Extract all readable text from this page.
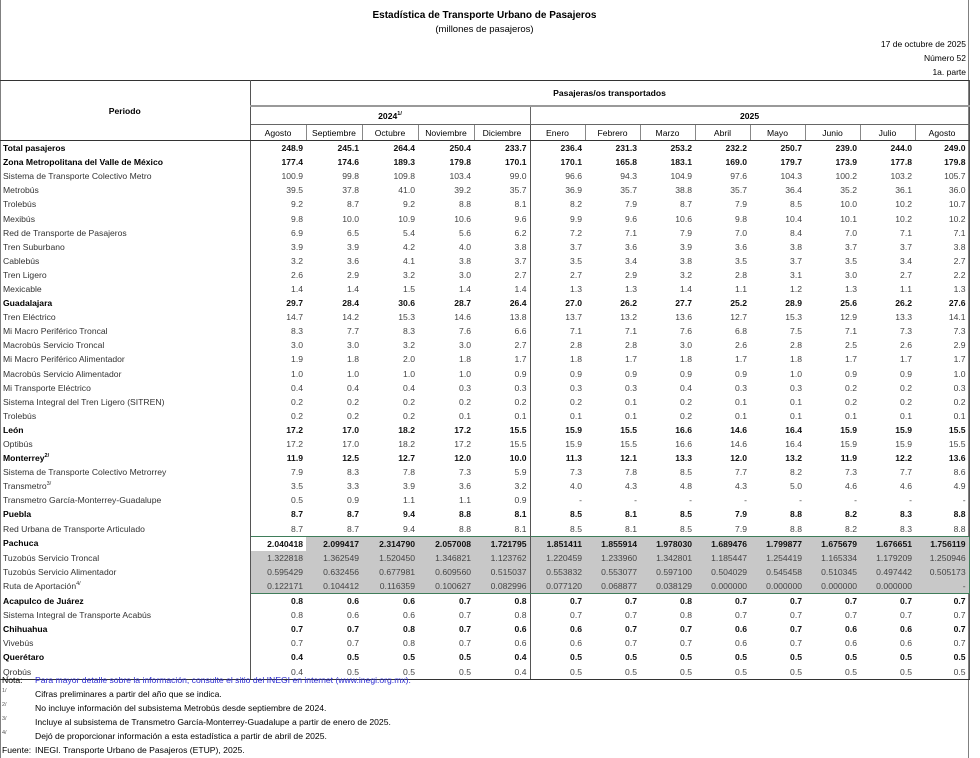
Estadística de Transporte Urbano de Pasajeros
(millones de pasajeros)
17 de octubre de 2025
Número 52
1a. parte
Periodo	Pasajeras/os transportados												
	$2024^{1/}$					2025							
	Agosto	Septiembre	Octubre	Noviembre	Diciembre	Enero	Febrero	Marzo	Abril	Mayo	Junio	Julio	Agosto
Total pasajeros	248.9	245.1	264.4	250.4	233.7	236.4	231.3	253.2	232.2	250.7	239.0	244.0	249.0
Zona Metropolitana del Valle de México	177.4	174.6	189.3	179.8	170.1	170.1	165.8	183.1	169.0	179.7	173.9	177.8	179.8
Sistema de Transporte Colectivo Metro	100.9	99.8	109.8	103.4	99.0	96.6	94.3	104.9	97.6	104.3	100.2	103.2	105.7
Metrobús	39.5	37.8	41.0	39.2	35.7	36.9	35.7	38.8	35.7	36.4	35.2	36.1	36.0
Trolebús	9.2	8.7	9.2	8.8	8.1	8.2	7.9	8.7	7.9	8.5	10.0	10.2	10.7
Mexibús	9.8	10.0	10.9	10.6	9.6	9.9	9.6	10.6	9.8	10.4	10.1	10.2	10.2
Red de Transporte de Pasajeros	6.9	6.5	5.4	5.6	6.2	7.2	7.1	7.9	7.0	8.4	7.0	7.1	7.1
Tren Suburbano	3.9	3.9	4.2	4.0	3.8	3.7	3.6	3.9	3.6	3.8	3.7	3.7	3.8
Cablebús	3.2	3.6	4.1	3.8	3.7	3.5	3.4	3.8	3.5	3.7	3.5	3.4	2.7
Tren Ligero	2.6	2.9	3.2	3.0	2.7	2.7	2.9	3.2	2.8	3.1	3.0	2.7	2.2
Mexicable	1.4	1.4	1.5	1.4	1.4	1.3	1.3	1.4	1.1	1.2	1.3	1.1	1.3
Guadalajara	29.7	28.4	30.6	28.7	26.4	27.0	26.2	27.7	25.2	28.9	25.6	26.2	27.6
Tren Eléctrico	14.7	14.2	15.3	14.6	13.8	13.7	13.2	13.6	12.7	15.3	12.9	13.3	14.1
Mi Macro Periférico Troncal	8.3	7.7	8.3	7.6	6.6	7.1	7.1	7.6	6.8	7.5	7.1	7.3	7.3
Macrobús Servicio Troncal	3.0	3.0	3.2	3.0	2.7	2.8	2.8	3.0	2.6	2.8	2.5	2.6	2.9
Mi Macro Periférico Alimentador	1.9	1.8	2.0	1.8	1.7	1.8	1.7	1.8	1.7	1.8	1.7	1.7	1.7
Macrobús Servicio Alimentador	1.0	1.0	1.0	1.0	0.9	0.9	0.9	0.9	0.9	1.0	0.9	0.9	1.0
Mi Transporte Eléctrico	0.4	0.4	0.4	0.3	0.3	0.3	0.3	0.4	0.3	0.3	0.2	0.2	0.3
Sistema Integral del Tren Ligero (SITREN)	0.2	0.2	0.2	0.2	0.2	0.2	0.1	0.2	0.1	0.1	0.2	0.2	0.2
Trolebús	0.2	0.2	0.2	0.1	0.1	0.1	0.1	0.2	0.1	0.1	0.1	0.1	0.1
León	17.2	17.0	18.2	17.2	15.5	15.9	15.5	16.6	14.6	16.4	15.9	15.9	15.5
Optibús	17.2	17.0	18.2	17.2	15.5	15.9	15.5	16.6	14.6	16.4	15.9	15.9	15.5
Monterrey$^{2/}$	11.9	12.5	12.7	12.0	10.0	11.3	12.1	13.3	12.0	13.2	11.9	12.2	13.6
Sistema de Transporte Colectivo Metrorrey	7.9	8.3	7.8	7.3	5.9	7.3	7.8	8.5	7.7	8.2	7.3	7.7	8.6
Transmetro$^{3/}$	3.5	3.3	3.9	3.6	3.2	4.0	4.3	4.8	4.3	5.0	4.6	4.6	4.9
Transmetro García-Monterrey-Guadalupe	0.5	0.9	1.1	1.1	0.9	-	-	-	-	-	-	-	-
Puebla	8.7	8.7	9.4	8.8	8.1	8.5	8.1	8.5	7.9	8.8	8.2	8.3	8.8
Red Urbana de Transporte Articulado	8.7	8.7	9.4	8.8	8.1	8.5	8.1	8.5	7.9	8.8	8.2	8.3	8.8
Pachuca	2.040418	2.099417	2.314790	2.057008	1.721795	1.851411	1.855914	1.978030	1.689476	1.799877	1.675679	1.676651	1.756119
Tuzobús Servicio Troncal	1.322818	1.362549	1.520450	1.346821	1.123762	1.220459	1.233960	1.342801	1.185447	1.254419	1.165334	1.179209	1.250946
Tuzobús Servicio Alimentador	0.595429	0.632456	0.677981	0.609560	0.515037	0.553832	0.553077	0.597100	0.504029	0.545458	0.510345	0.497442	0.505173
Ruta de Aportación$^{4/}$	0.122171	0.104412	0.116359	0.100627	0.082996	0.077120	0.068877	0.038129	0.000000	0.000000	0.000000	0.000000	-
Acapulco de Juárez	0.8	0.6	0.6	0.7	0.8	0.7	0.7	0.8	0.7	0.7	0.7	0.7	0.7
Sistema Integral de Transporte Acabús	0.8	0.6	0.6	0.7	0.8	0.7	0.7	0.8	0.7	0.7	0.7	0.7	0.7
Chihuahua	0.7	0.7	0.8	0.7	0.6	0.6	0.7	0.7	0.6	0.7	0.6	0.6	0.7
Vivebús	0.7	0.7	0.8	0.7	0.6	0.6	0.7	0.7	0.6	0.7	0.6	0.6	0.7
Querétaro	0.4	0.5	0.5	0.5	0.4	0.5	0.5	0.5	0.5	0.5	0.5	0.5	0.5
Qrobús	0.4	0.5	0.5	0.5	0.4	0.5	0.5	0.5	0.5	0.5	0.5	0.5	0.5
Nota: Para mayor detalle sobre la información, consulte el sitio del INEGI en internet (www.inegi.org.mx).
1/	Cifras preliminares a partir del año que se indica.
2/	No incluye información del subsistema Metrobús desde septiembre de 2024.
3/	Incluye al subsistema de Transmetro García-Monterrey-Guadalupe a partir de enero de 2025.
4/	Dejó de proporcionar información a esta estadística a partir de abril de 2025.
Fuente: INEGI. Transporte Urbano de Pasajeros (ETUP), 2025.
